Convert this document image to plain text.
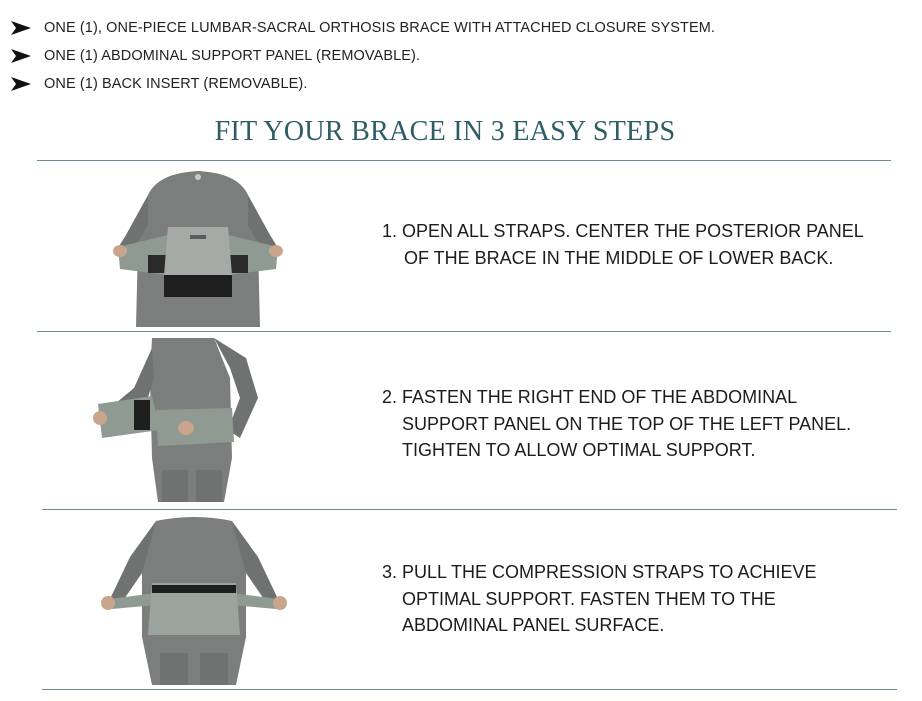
ONE (1), ONE-PIECE LUMBAR-SACRAL ORTHOSIS BRACE WITH ATTACHED CLOSURE SYSTEM.
ONE (1) ABDOMINAL SUPPORT PANEL (REMOVABLE).
ONE (1) BACK INSERT (REMOVABLE).
FIT YOUR BRACE IN 3 EASY STEPS
1. OPEN ALL STRAPS. CENTER THE POSTERIOR PANEL
OF THE BRACE IN THE MIDDLE OF LOWER BACK.
2. FASTEN THE RIGHT END OF THE ABDOMINAL
SUPPORT PANEL ON THE TOP OF THE LEFT PANEL.
TIGHTEN TO ALLOW OPTIMAL SUPPORT.
3. PULL THE COMPRESSION STRAPS TO ACHIEVE
OPTIMAL SUPPORT. FASTEN THEM TO THE
ABDOMINAL PANEL SURFACE.
